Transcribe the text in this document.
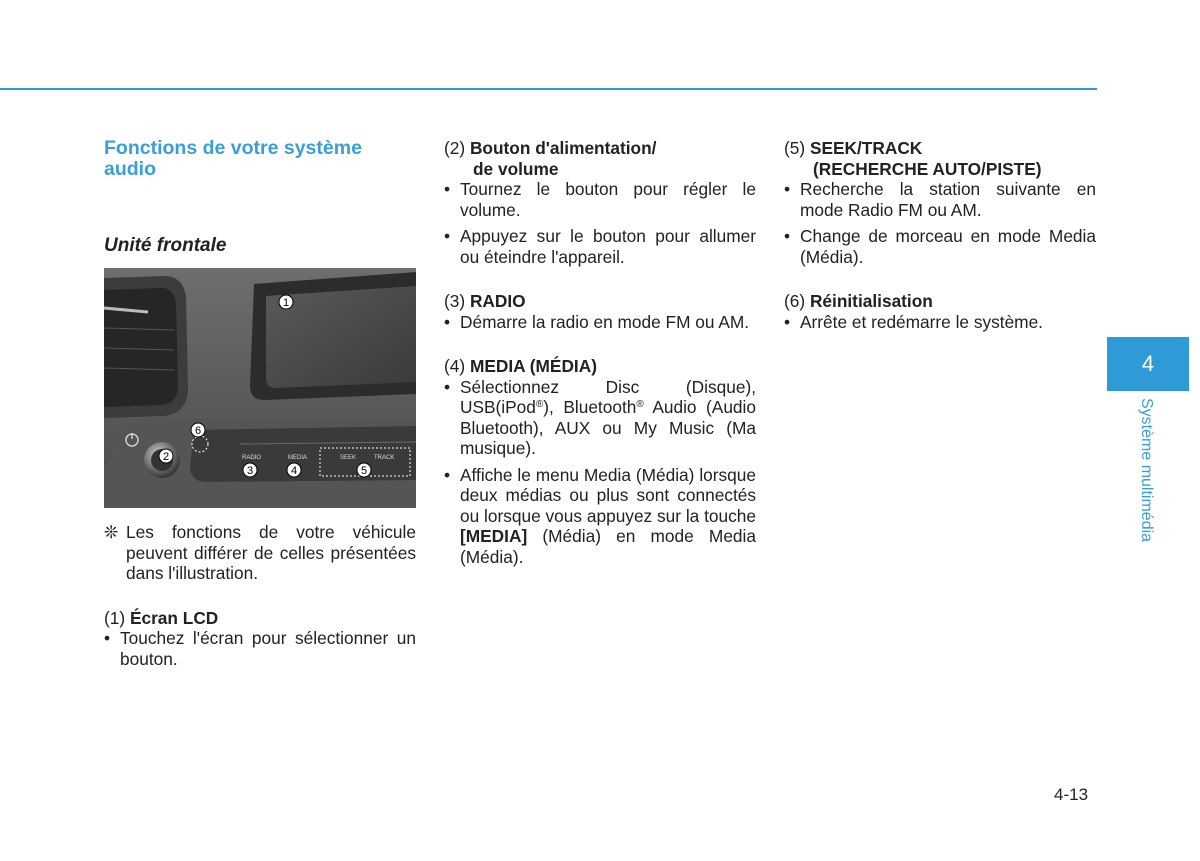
Fonctions de votre système audio
Unité frontale
RADIO	MEDIA	SEEK	TRACK
1
2
3	4	5
6
❊ Les fonctions de votre véhicule peuvent différer de celles présentées dans l'illustration.

(1) Écran LCD

• Touchez l'écran pour sélectionner un bouton.

(2) Bouton d'alimentation/
de volume

• Tournez le bouton pour régler le volume.
• Appuyez sur le bouton pour allumer ou éteindre l'appareil.

(3) RADIO

• Démarre la radio en mode FM ou AM.

(4) MEDIA (MÉDIA)

• Sélectionnez Disc (Disque), USB(iPod®), Bluetooth® Audio (Audio Bluetooth), AUX ou My Music (Ma musique).
• Affiche le menu Media (Média) lorsque deux médias ou plus sont connectés ou lorsque vous appuyez sur la touche [MEDIA] (Média) en mode Media (Média).

(5) SEEK/TRACK
(RECHERCHE AUTO/PISTE)

• Recherche la station suivante en mode Radio FM ou AM.
• Change de morceau en mode Media (Média).

(6) Réinitialisation

• Arrête et redémarre le système.
4
Système multimédia
4-13
